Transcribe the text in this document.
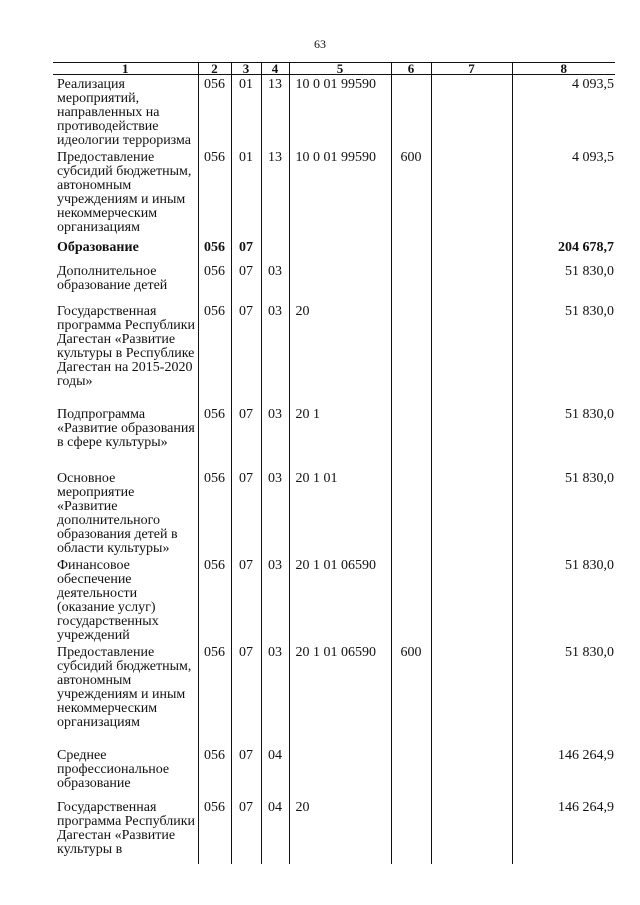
63
1	2	3	4	5	6	7	8
Реализация мероприятий, направленных на противодействие идеологии терроризма	056	01	13	10 0 01 99590			4 093,5
Предоставление субсидий бюджетным, автономным учреждениям и иным некоммерческим организациям	056	01	13	10 0 01 99590	600		4 093,5
Образование	056	07					204 678,7
Дополнительное образование детей	056	07	03				51 830,0
Государственная программа Республики Дагестан «Развитие культуры в Республике Дагестан на 2015-2020 годы»	056	07	03	20			51 830,0
Подпрограмма «Развитие образования в сфере культуры»	056	07	03	20 1			51 830,0
Основное мероприятие «Развитие дополнительного образования детей в области культуры»	056	07	03	20 1 01			51 830,0
Финансовое обеспечение деятельности (оказание услуг) государственных учреждений	056	07	03	20 1 01 06590			51 830,0
Предоставление субсидий бюджетным, автономным учреждениям и иным некоммерческим организациям	056	07	03	20 1 01 06590	600		51 830,0
Среднее профессиональное образование	056	07	04				146 264,9
Государственная программа Республики Дагестан «Развитие культуры в	056	07	04	20			146 264,9
